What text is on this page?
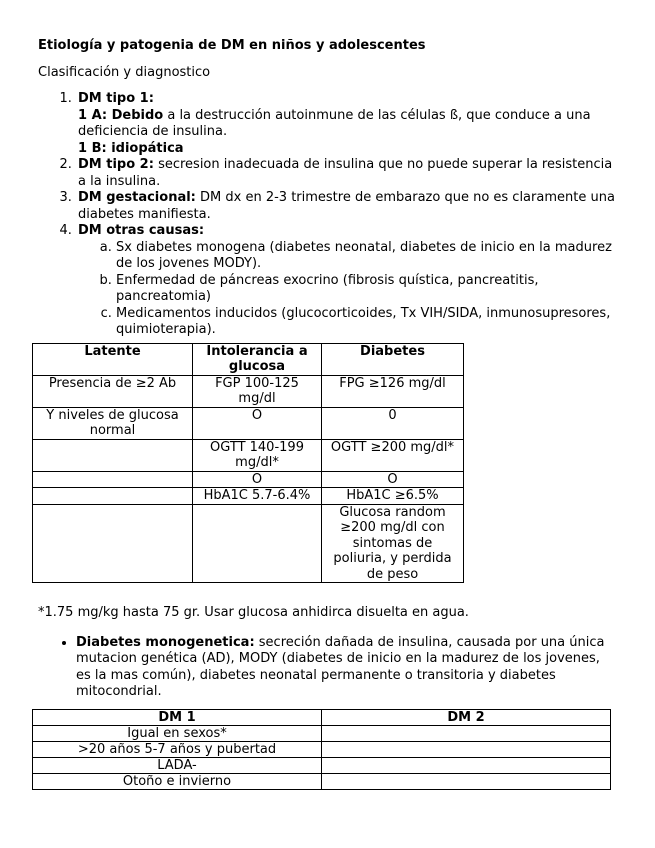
Etiología y patogenia de DM en niños y adolescentes

Clasificación y diagnostico

1. DM tipo 1:
1 A: Debido a la destrucción autoinmune de las células ß, que conduce a una deficiencia de insulina.
1 B: idiopática
2. DM tipo 2: secresion inadecuada de insulina que no puede superar la resistencia a la insulina.
3. DM gestacional: DM dx en 2-3 trimestre de embarazo que no es claramente una diabetes manifiesta.
4. DM otras causas:
a. Sx diabetes monogena (diabetes neonatal, diabetes de inicio en la madurez de los jovenes MODY).
b. Enfermedad de páncreas exocrino (fibrosis quística, pancreatitis, pancreatomia)
c. Medicamentos inducidos (glucocorticoides, Tx VIH/SIDA, inmunosupresores, quimioterapia).
Latente	Intolerancia a glucosa	Diabetes
Presencia de ≥2 Ab	FGP 100-125 mg/dl	FPG ≥126 mg/dl
Y niveles de glucosa normal	O	0
	OGTT 140-199 mg/dl*	OGTT ≥200 mg/dl*
	O	O
	HbA1C 5.7-6.4%	HbA1C ≥6.5%
		Glucosa random ≥200 mg/dl con sintomas de poliuria, y perdida de peso

*1.75 mg/kg hasta 75 gr. Usar glucosa anhidirca disuelta en agua.

• Diabetes monogenetica: secreción dañada de insulina, causada por una única mutacion genética (AD), MODY (diabetes de inicio en la madurez de los jovenes, es la mas común), diabetes neonatal permanente o transitoria y diabetes mitocondrial.
DM 1	DM 2
Igual en sexos*	
>20 años 5-7 años y pubertad	
LADA-	
Otoño e invierno	
